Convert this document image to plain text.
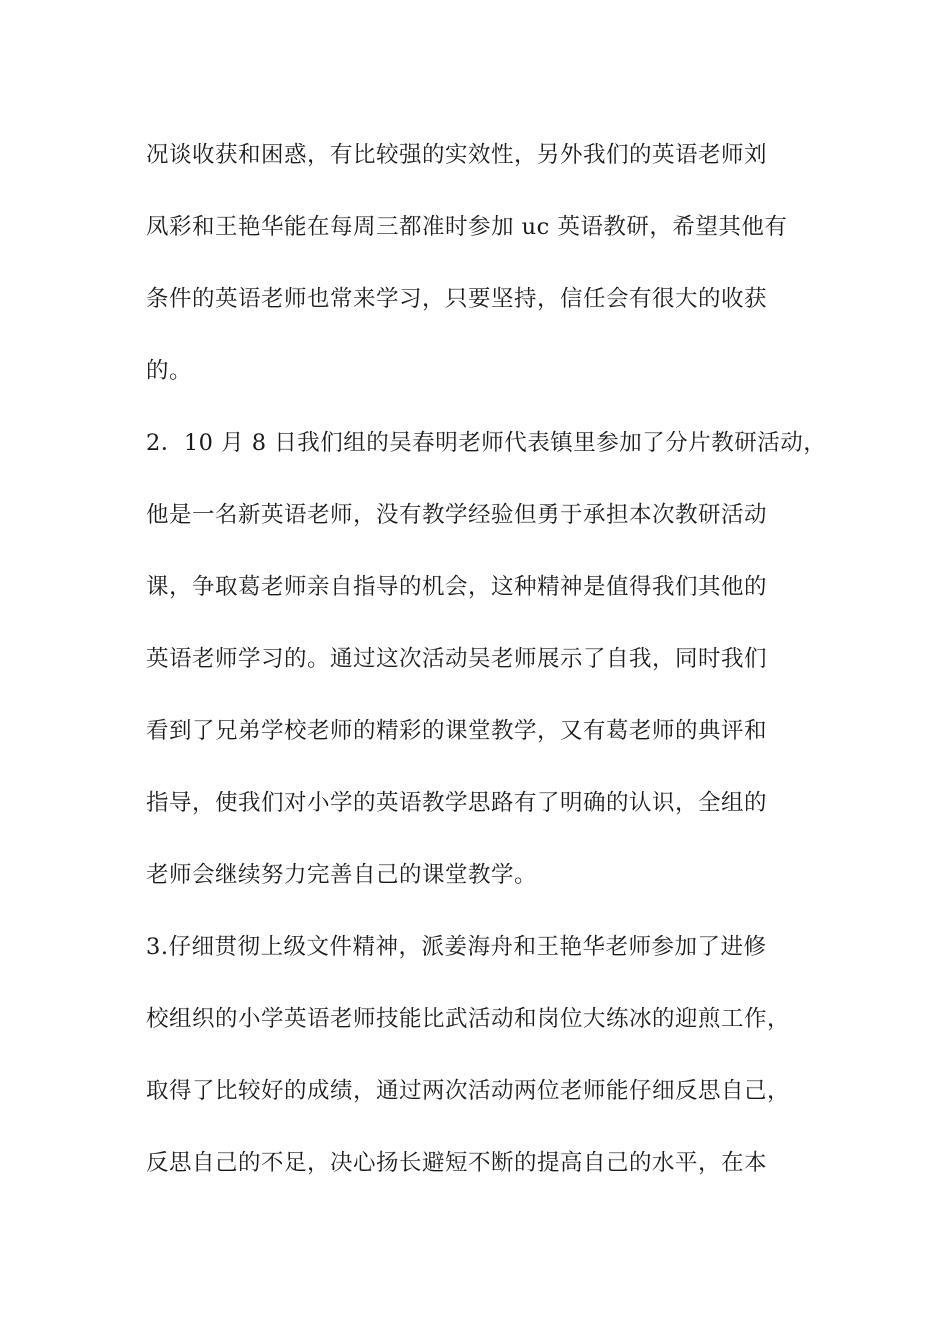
况谈收获和困惑，有比较强的实效性，另外我们的英语老师刘
凤彩和王艳华能在每周三都准时参加 uc 英语教研，希望其他有
条件的英语老师也常来学习，只要坚持，信任会有很大的收获
的。
2．10 月 8 日我们组的吴春明老师代表镇里参加了分片教研活动，
他是一名新英语老师，没有教学经验但勇于承担本次教研活动
课，争取葛老师亲自指导的机会，这种精神是值得我们其他的
英语老师学习的。通过这次活动吴老师展示了自我，同时我们
看到了兄弟学校老师的精彩的课堂教学，又有葛老师的典评和
指导，使我们对小学的英语教学思路有了明确的认识，全组的
老师会继续努力完善自己的课堂教学。
3.仔细贯彻上级文件精神，派姜海舟和王艳华老师参加了进修
校组织的小学英语老师技能比武活动和岗位大练冰的迎煎工作，
取得了比较好的成绩，通过两次活动两位老师能仔细反思自己，
反思自己的不足，决心扬长避短不断的提高自己的水平，在本
